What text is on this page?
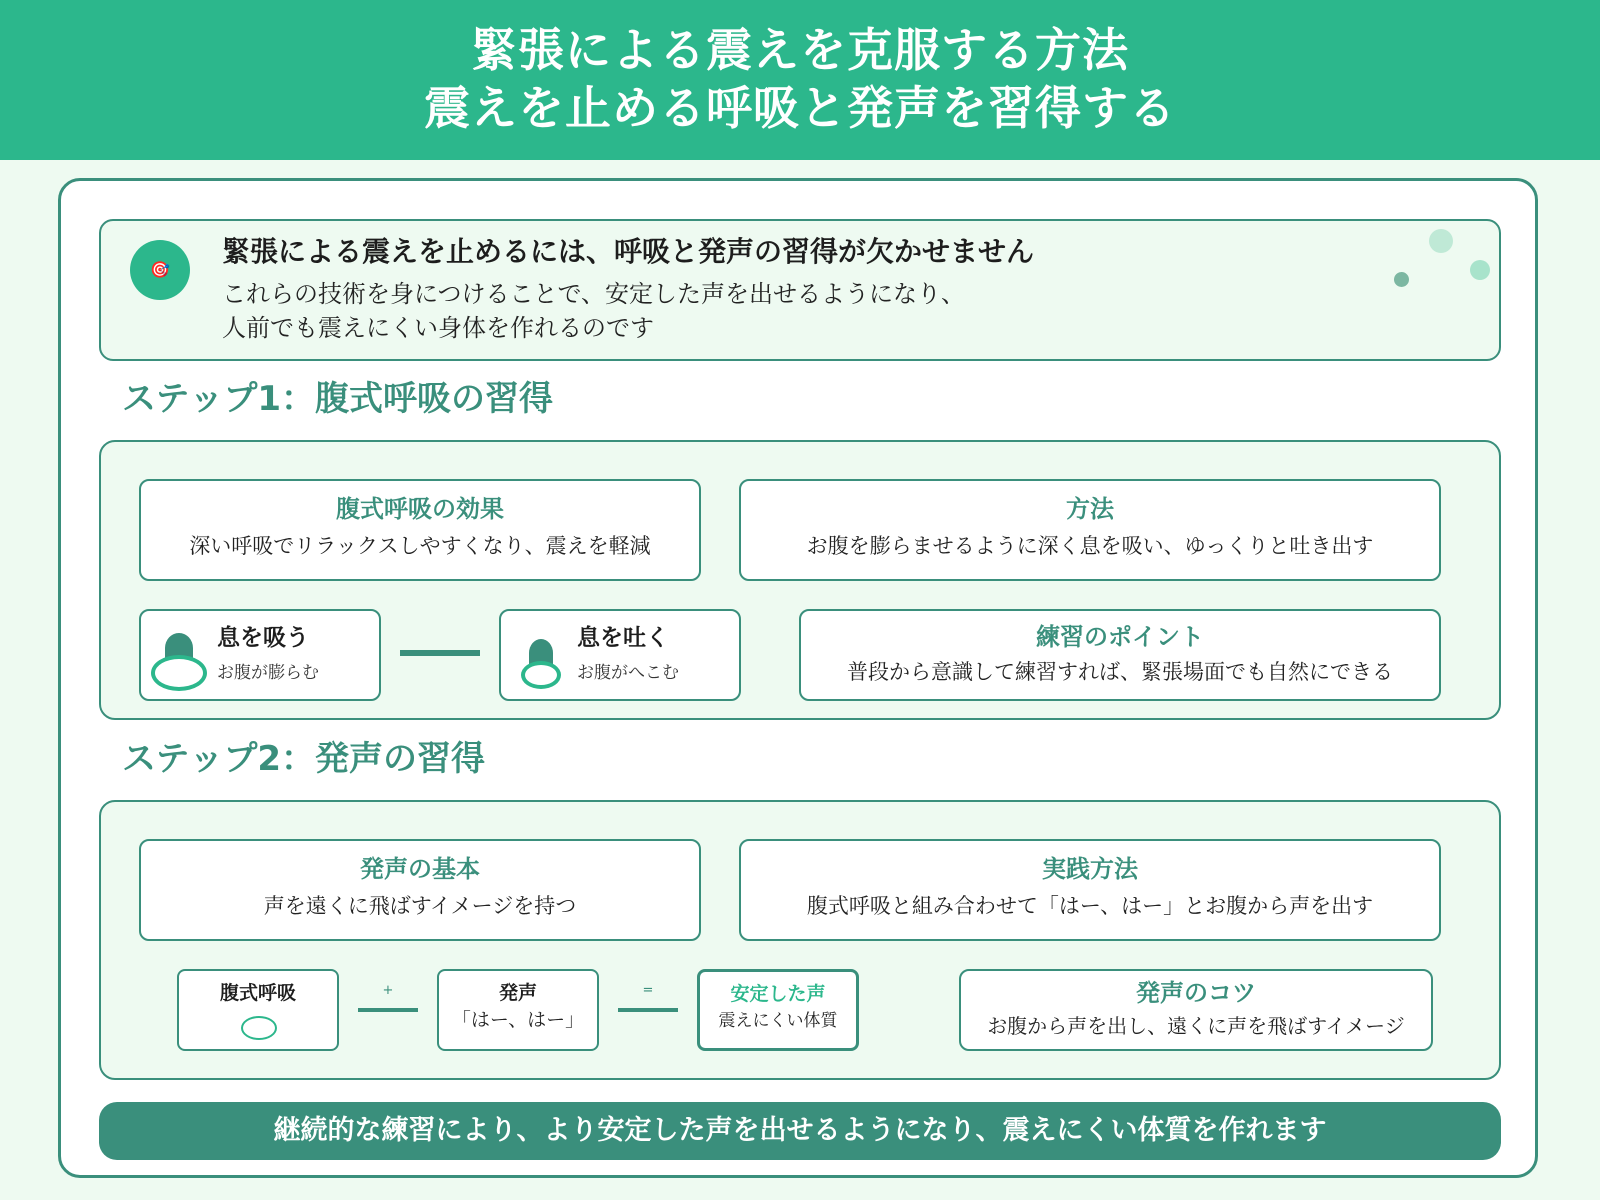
緊張による震えを克服する方法
震えを止める呼吸と発声を習得する
🎯
緊張による震えを止めるには、呼吸と発声の習得が欠かせません
これらの技術を身につけることで、安定した声を出せるようになり、
人前でも震えにくい身体を作れるのです
ステップ1：腹式呼吸の習得
腹式呼吸の効果
深い呼吸でリラックスしやすくなり、震えを軽減
方法
お腹を膨らませるように深く息を吸い、ゆっくりと吐き出す
息を吸う
お腹が膨らむ
息を吐く
お腹がへこむ
練習のポイント
普段から意識して練習すれば、緊張場面でも自然にできる
ステップ2：発声の習得
発声の基本
声を遠くに飛ばすイメージを持つ
実践方法
腹式呼吸と組み合わせて「はー、はー」とお腹から声を出す
腹式呼吸	+	発声
「はー、はー」
=	安定した声
震えにくい体質
発声のコツ
お腹から声を出し、遠くに声を飛ばすイメージ
継続的な練習により、より安定した声を出せるようになり、震えにくい体質を作れます
